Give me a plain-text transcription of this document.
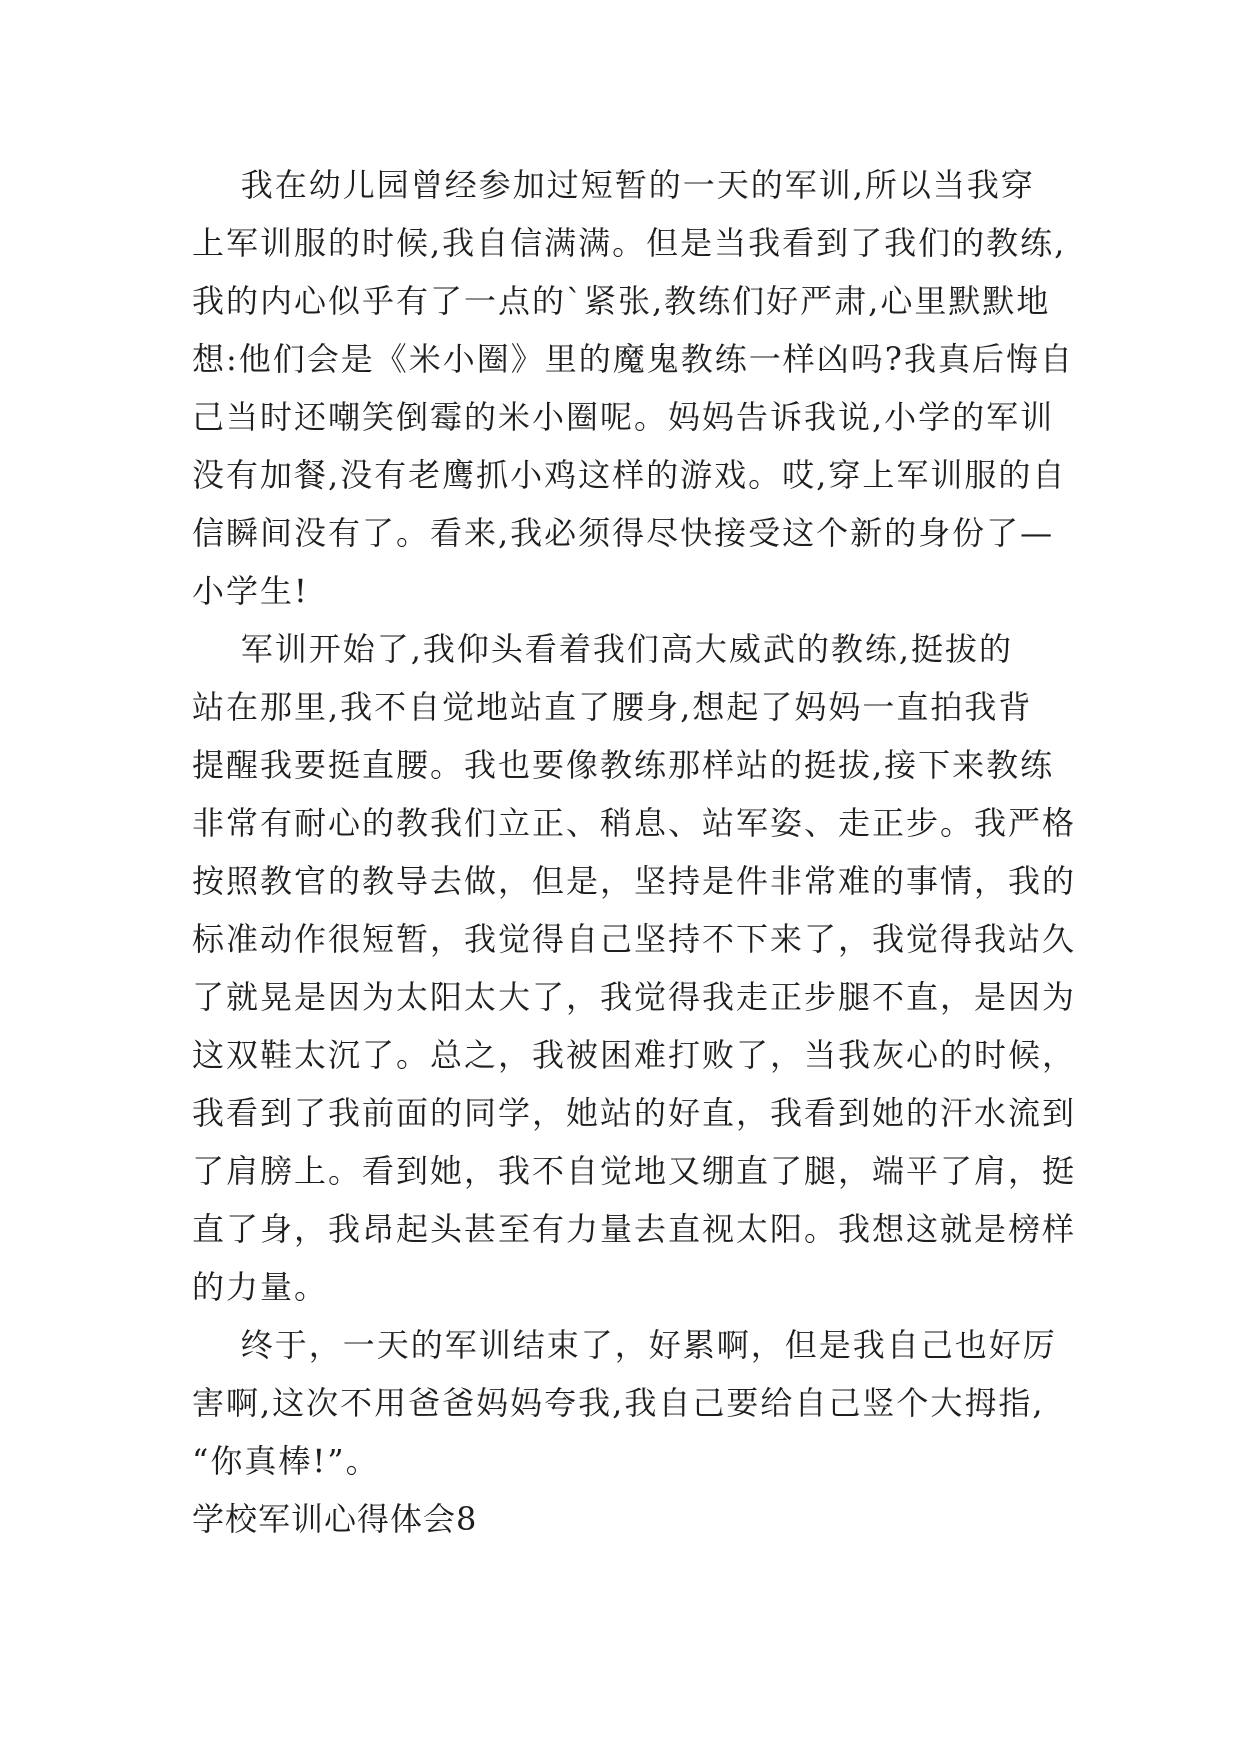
我在幼儿园曾经参加过短暂的一天的军训,所以当我穿
上军训服的时候,我自信满满。但是当我看到了我们的教练,
我的内心似乎有了一点的`紧张,教练们好严肃,心里默默地
想:他们会是《米小圈》里的魔鬼教练一样凶吗?我真后悔自
己当时还嘲笑倒霉的米小圈呢。妈妈告诉我说,小学的军训
没有加餐,没有老鹰抓小鸡这样的游戏。哎,穿上军训服的自
信瞬间没有了。看来,我必须得尽快接受这个新的身份了—
小学生!
军训开始了,我仰头看着我们高大威武的教练,挺拔的
站在那里,我不自觉地站直了腰身,想起了妈妈一直拍我背
提醒我要挺直腰。我也要像教练那样站的挺拔,接下来教练
非常有耐心的教我们立正、稍息、站军姿、走正步。我严格
按照教官的教导去做，但是，坚持是件非常难的事情，我的
标准动作很短暂，我觉得自己坚持不下来了，我觉得我站久
了就晃是因为太阳太大了，我觉得我走正步腿不直，是因为
这双鞋太沉了。总之，我被困难打败了，当我灰心的时候，
我看到了我前面的同学，她站的好直，我看到她的汗水流到
了肩膀上。看到她，我不自觉地又绷直了腿，端平了肩，挺
直了身，我昂起头甚至有力量去直视太阳。我想这就是榜样
的力量。
终于，一天的军训结束了，好累啊，但是我自己也好厉
害啊,这次不用爸爸妈妈夸我,我自己要给自己竖个大拇指,
“你真棒!”。
学校军训心得体会8
